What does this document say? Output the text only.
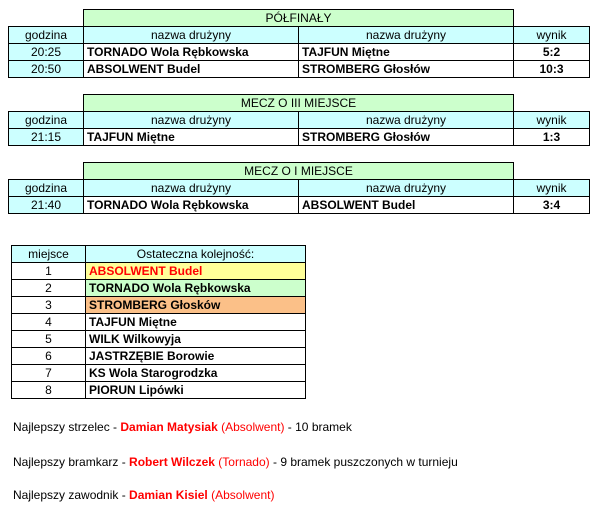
	PÓŁFINAŁY		
godzina	nazwa drużyny	nazwa drużyny	wynik
20:25	TORNADO Wola Rębkowska	TAJFUN Miętne	5:2
20:50	ABSOLWENT Budel	STROMBERG Głosłów	10:3
	MECZ O III MIEJSCE		
godzina	nazwa drużyny	nazwa drużyny	wynik
21:15	TAJFUN Miętne	STROMBERG Głosłów	1:3
	MECZ O I MIEJSCE		
godzina	nazwa drużyny	nazwa drużyny	wynik
21:40	TORNADO Wola Rębkowska	ABSOLWENT Budel	3:4
miejsce	Ostateczna kolejność:
1	ABSOLWENT Budel
2	TORNADO Wola Rębkowska
3	STROMBERG Głosków
4	TAJFUN Miętne
5	WILK Wilkowyja
6	JASTRZĘBIE Borowie
7	KS Wola Starogrodzka
8	PIORUN Lipówki
Najlepszy strzelec - Damian Matysiak (Absolwent) - 10 bramek
Najlepszy bramkarz - Robert Wilczek (Tornado) - 9 bramek puszczonych w turnieju
Najlepszy zawodnik - Damian Kisiel (Absolwent)
